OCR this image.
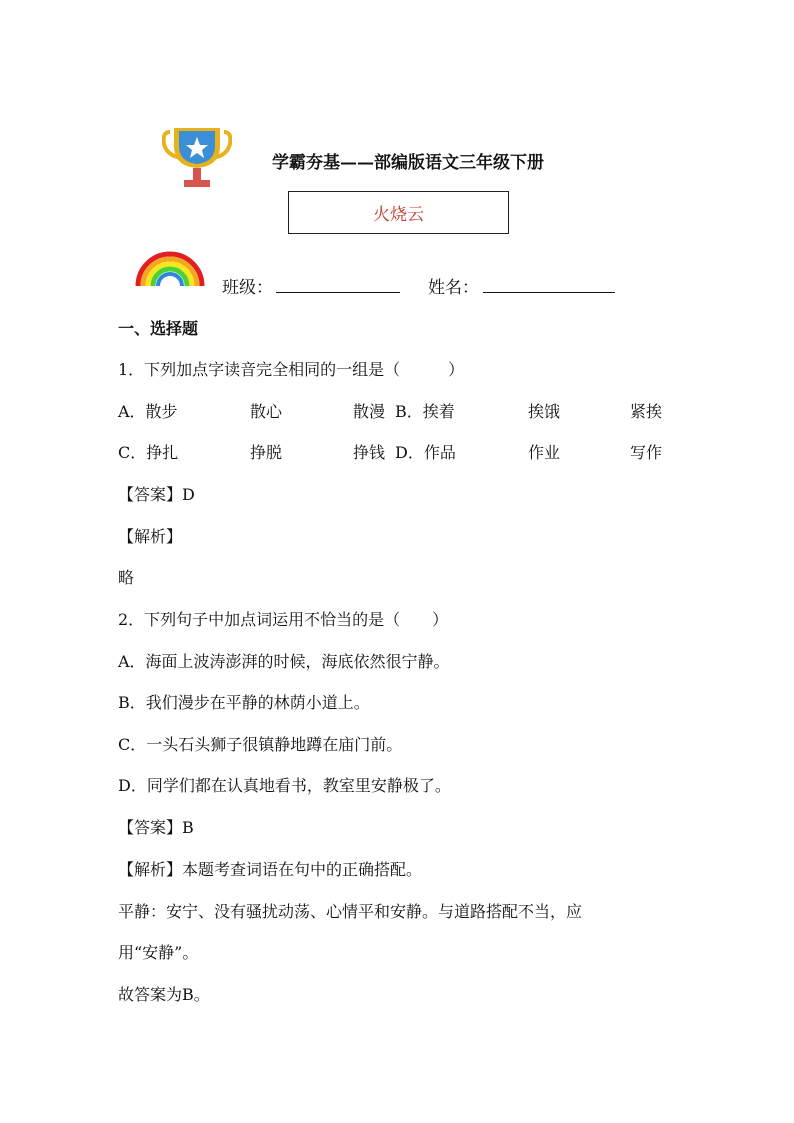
学霸夯基——部编版语文三年级下册
火烧云
班级：	姓名：
一、选择题
1．下列加点字读音完全相同的一组是（　　　）
A．散步	散心	散漫 B．挨着	挨饿	紧挨
C．挣扎	挣脱	挣钱 D．作品	作业	写作
【答案】D
【解析】
略
2．下列句子中加点词运用不恰当的是（　　）
A．海面上波涛澎湃的时候，海底依然很宁静。
B．我们漫步在平静的林荫小道上。
C．一头石头狮子很镇静地蹲在庙门前。
D．同学们都在认真地看书，教室里安静极了。
【答案】B
【解析】本题考查词语在句中的正确搭配。
平静：安宁、没有骚扰动荡、心情平和安静。与道路搭配不当，应
用“安静”。
故答案为B。
